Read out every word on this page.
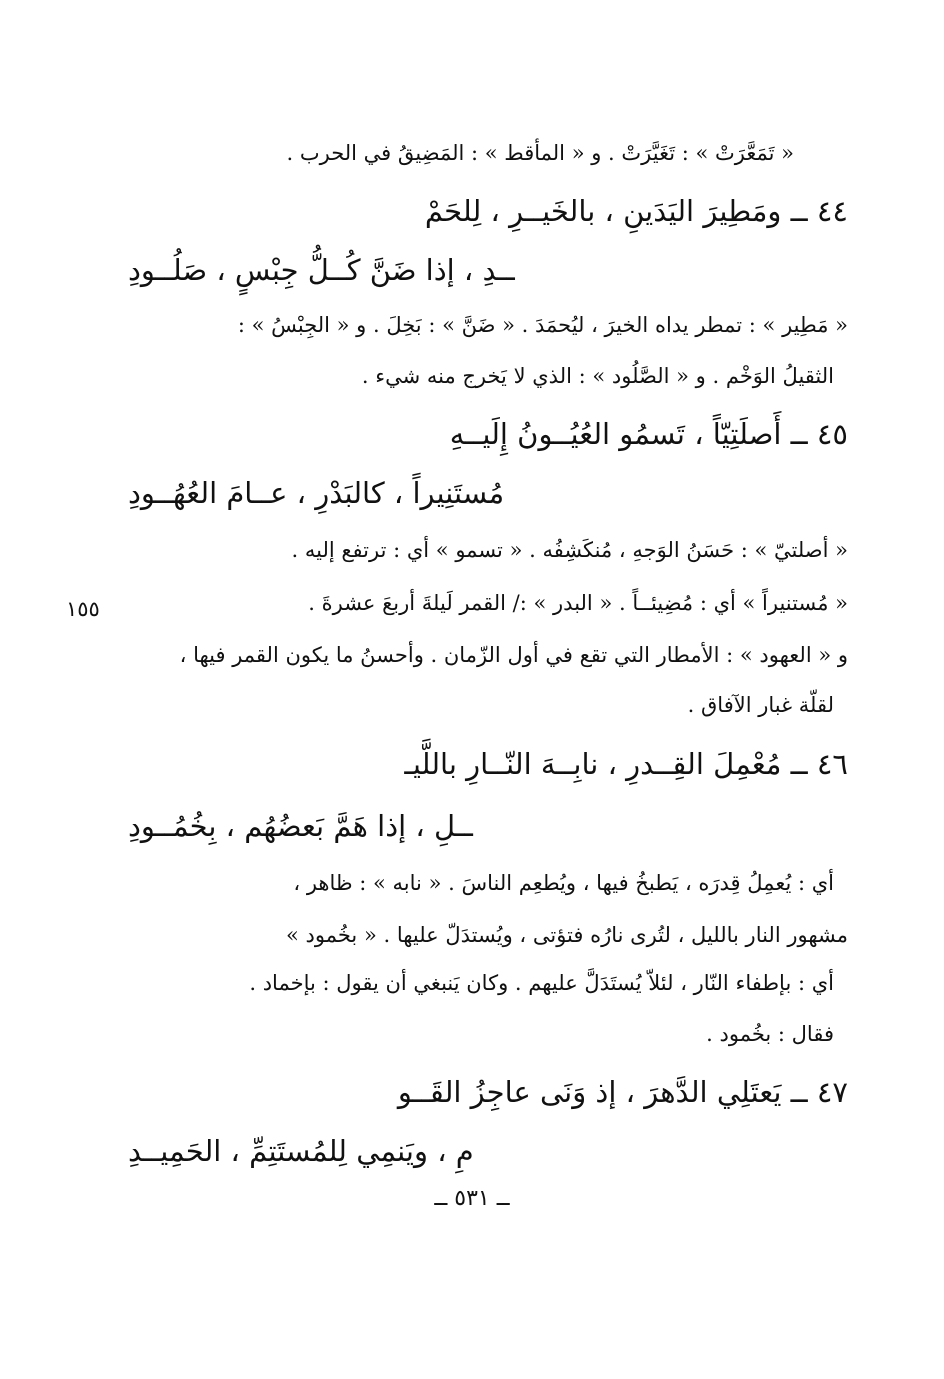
« تَمَعَّرَتْ » : تَغَيَّرَتْ . و « المأقط » : المَضِيقُ في الحرب .
٤٤ ــ ومَطِيرَ اليَدَينِ ، بالخَيــرِ ، لِلحَمْ
ــدِ ، إذا ضَنَّ كُــلُّ جِبْسٍ ، صَلُــودِ
« مَطِير » : تمطر يداه الخيرَ ، ليُحمَدَ . « ضَنَّ » : بَخِلَ . و « الجِبْسُ » :
الثقيلُ الوَخْم . و « الصَّلُود » : الذي لا يَخرج منه شيء .
٤٥ ــ أَصلَتِيّاً ، تَسمُو العُيُــونُ إِلَيــهِ
مُستَنِيراً ، كالبَدْرِ ، عــامَ العُهُــودِ
« أصلتيّ » : حَسَنُ الوَجهِ ، مُنكَشِفُه . « تسمو » أي : ترتفع إليه .
« مُستنيراً » أي : مُضِيئــاً . « البدر » :/ القمر لَيلةَ أربعَ عشرةَ .
و « العهود » : الأمطار التي تقع في أول الزّمان . وأحسنُ ما يكون القمر فيها ،
لقلّة غبار الآفاق .
٤٦ ــ مُعْمِلَ القِــدرِ ، نابِــهَ النّــارِ باللَّيـ
ــلِ ، إذا هَمَّ بَعضُهُم ، بِخُمُــودِ
أي : يُعمِلُ قِدرَه ، يَطبخُ فيها ، ويُطعِم الناسَ . « نابه » : ظاهر ،
مشهور النار بالليل ، لتُرى نارُه فتؤتى ، ويُستدَلّ عليها . « بخُمود »
أي : بإطفاء النّار ، لئلاّ يُستَدَلَّ عليهم . وكان يَنبغي أن يقول : بإخماد .
فقال : بخُمود .
٤٧ ــ يَعتَلِي الدَّهرَ ، إذ وَنَى عاجِزُ القَــو
مِ ، ويَنمِي لِلمُستَتِمِّ ، الحَمِيــدِ
١٥٥
ــ ٥٣١ ــ
